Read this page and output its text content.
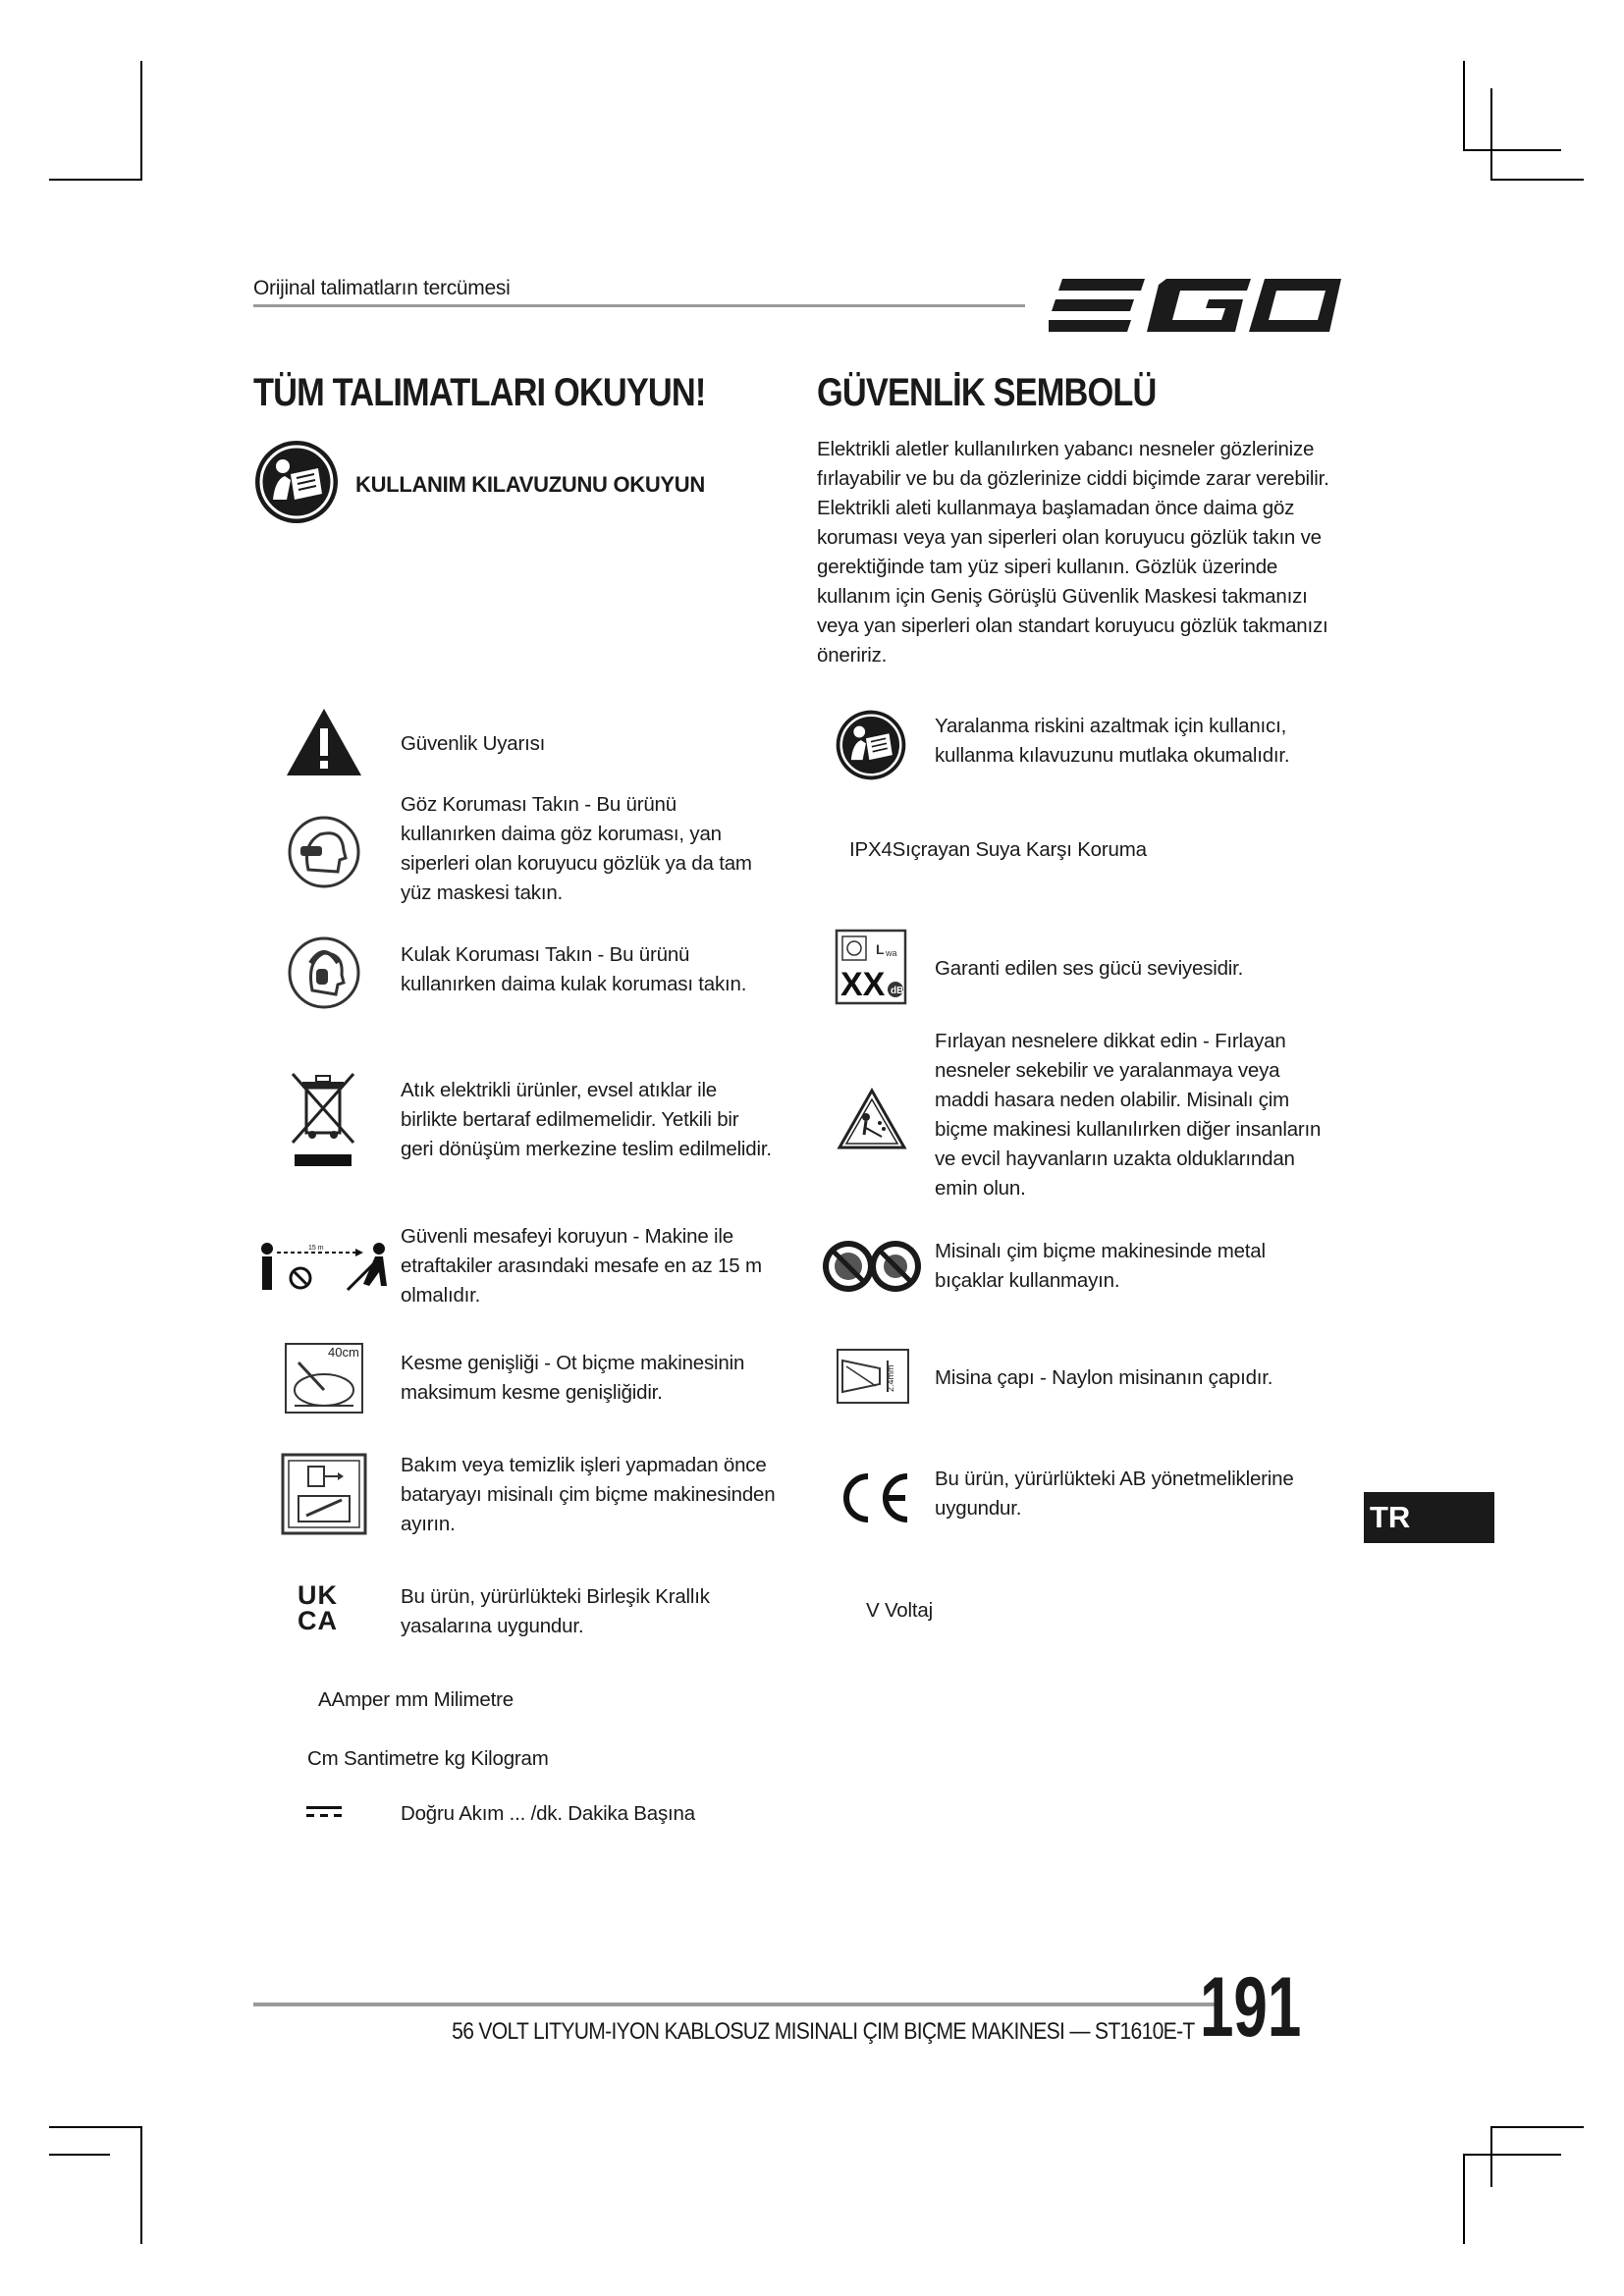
Orijinal talimatların tercümesi
TÜM TALIMATLARI OKUYUN!
KULLANIM KILAVUZUNU OKUYUN
GÜVENLİK SEMBOLÜ
Elektrikli aletler kullanılırken yabancı nesneler gözlerinize fırlayabilir ve bu da gözlerinize ciddi biçimde zarar verebilir. Elektrikli aleti kullanmaya başlamadan önce daima göz koruması veya yan siperleri olan koruyucu gözlük takın ve gerektiğinde tam yüz siperi kullanın. Gözlük üzerinde kullanım için Geniş Görüşlü Güvenlik Maskesi takmanızı veya yan siperleri olan standart koruyucu gözlük takmanızı öneririz.
Güvenlik Uyarısı
Göz Koruması Takın - Bu ürünü kullanırken daima göz koruması, yan siperleri olan koruyucu gözlük ya da tam yüz maskesi takın.
Kulak Koruması Takın - Bu ürünü kullanırken daima kulak koruması takın.
Atık elektrikli ürünler, evsel atıklar ile birlikte bertaraf edilmemelidir. Yetkili bir geri dönüşüm merkezine teslim edilmelidir.
15 m
Güvenli mesafeyi koruyun - Makine ile etraftakiler arasındaki mesafe en az 15 m olmalıdır.
40cm Kesme genişliği - Ot biçme makinesinin maksimum kesme genişliğidir.
Bakım veya temizlik işleri yapmadan önce bataryayı misinalı çim biçme makinesinden ayırın.
UK CA
Bu ürün, yürürlükteki Birleşik Krallık yasalarına uygundur.
AAmper mm Milimetre
Cm Santimetre kg Kilogram
Doğru Akım ... /dk. Dakika Başına
Yaralanma riskini azaltmak için kullanıcı, kullanma kılavuzunu mutlaka okumalıdır.
IPX4Sıçrayan Suya Karşı Koruma
L wa
XX dB
Garanti edilen ses gücü seviyesidir.
Fırlayan nesnelere dikkat edin - Fırlayan nesneler sekebilir ve yaralanmaya veya maddi hasara neden olabilir. Misinalı çim biçme makinesi kullanılırken diğer insanların ve evcil hayvanların uzakta olduklarından emin olun.
Misinalı çim biçme makinesinde metal bıçaklar kullanmayın.
2.4mm Misina çapı - Naylon misinanın çapıdır.
Bu ürün, yürürlükteki AB yönetmeliklerine uygundur.	TR
V Voltaj
56 VOLT LITYUM-IYON KABLOSUZ MISINALI ÇIM BIÇME MAKINESI — ST1610E-T 191
